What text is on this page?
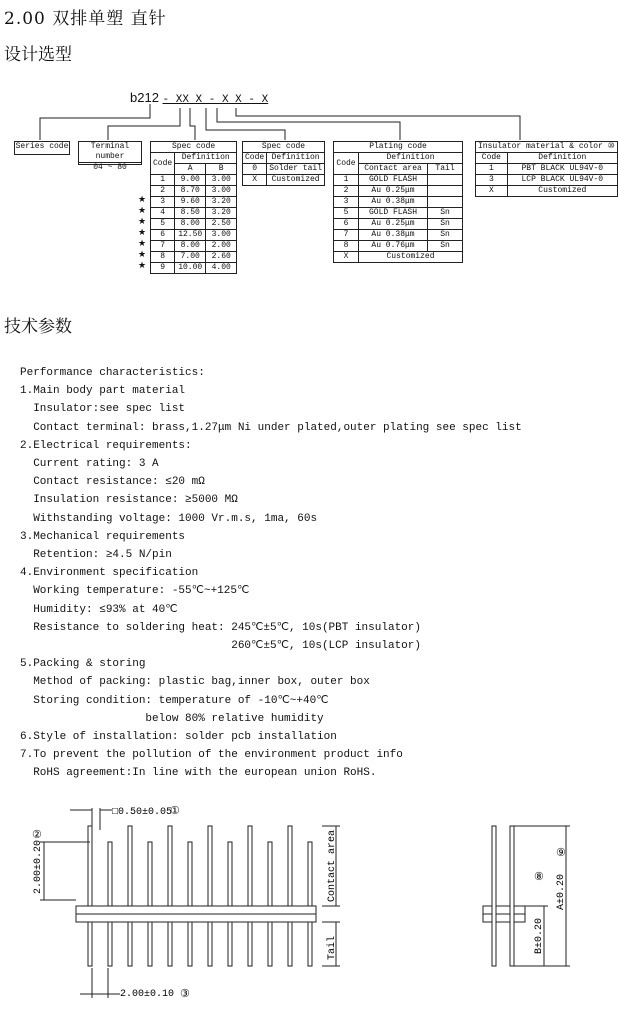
2.00 双排单塑 直针
设计选型
技术参数
b212 - XX X - X X - X
Series code	Terminal number
04 ~ 80
Spec code		
Code	Definition	
	A	B
1	9.00	3.00
2	8.70	3.00
3	9.60	3.20
4	8.50	3.20
5	8.00	2.50
6	12.50	3.00
7	8.00	2.00
8	7.00	2.60
9	10.00	4.00
★
★
★
★
★
★
★
Spec code	
Code	Definition
0	Solder tail
X	Customized
Plating code		
Code	Definition	
	Contact area	Tail
1	GOLD FLASH	
2	Au 0.25μm	
3	Au 0.38μm	
5	GOLD FLASH	Sn
6	Au 0.25μm	Sn
7	Au 0.38μm	Sn
8	Au 0.76μm	Sn
X	Customized	
Insulator material & color ⑩	
Code	Definition
1	PBT BLACK UL94V-0
3	LCP BLACK UL94V-0
X	Customized
Performance characteristics:
1.Main body part material
Insulator:see spec list
Contact terminal: brass,1.27μm Ni under plated,outer plating see spec list
2.Electrical requirements:
Current rating: 3 A
Contact resistance: ≤20 mΩ
Insulation resistance: ≥5000 MΩ
Withstanding voltage: 1000 Vr.m.s, 1ma, 60s
3.Mechanical requirements
Retention: ≥4.5 N/pin
4.Environment specification
Working temperature: -55℃~+125℃
Humidity: ≤93% at 40℃
Resistance to soldering heat: 245℃±5℃, 10s(PBT insulator)
260℃±5℃, 10s(LCP insulator)
5.Packing & storing
Method of packing: plastic bag,inner box, outer box
Storing condition: temperature of -10℃~+40℃
below 80% relative humidity
6.Style of installation: solder pcb installation
7.To prevent the pollution of the environment product info
RoHS agreement:In line with the european union RoHS.
□0.50±0.05
①
2.00±0.20
②	Contact area
Tail
2.00±0.10 ③
B±0.20
⑧ A±0.20
⑨
